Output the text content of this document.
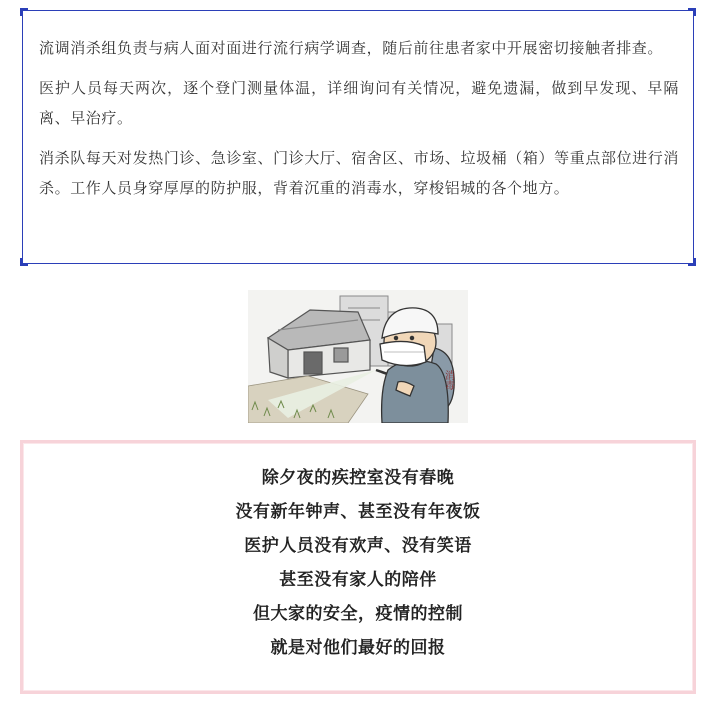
流调消杀组负责与病人面对面进行流行病学调查，随后前往患者家中开展密切接触者排查。

医护人员每天两次，逐个登门测量体温，详细询问有关情况，避免遗漏，做到早发现、早隔离、早治疗。

消杀队每天对发热门诊、急诊室、门诊大厅、宿舍区、市场、垃圾桶（箱）等重点部位进行消杀。工作人员身穿厚厚的防护服，背着沉重的消毒水，穿梭铝城的各个地方。

消毒
除夕夜的疾控室没有春晚
没有新年钟声、甚至没有年夜饭
医护人员没有欢声、没有笑语
甚至没有家人的陪伴
但大家的安全，疫情的控制
就是对他们最好的回报
